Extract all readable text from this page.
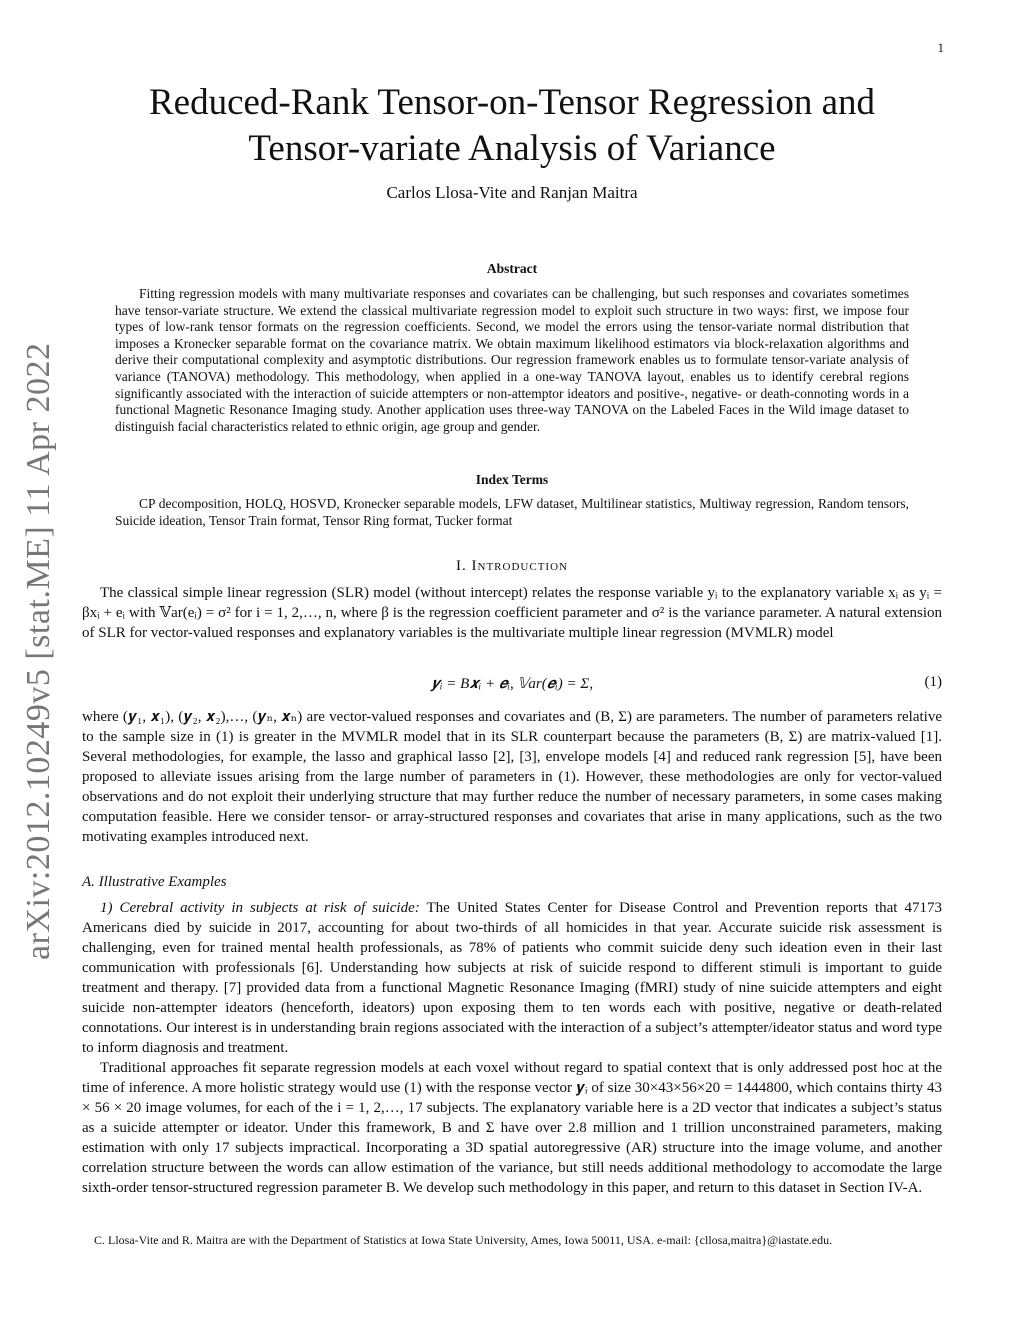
1
arXiv:2012.10249v5 [stat.ME] 11 Apr 2022
Reduced-Rank Tensor-on-Tensor Regression and
Tensor-variate Analysis of Variance
Carlos Llosa-Vite and Ranjan Maitra
Abstract
Fitting regression models with many multivariate responses and covariates can be challenging, but such responses and covariates sometimes have tensor-variate structure. We extend the classical multivariate regression model to exploit such structure in two ways: first, we impose four types of low-rank tensor formats on the regression coefficients. Second, we model the errors using the tensor-variate normal distribution that imposes a Kronecker separable format on the covariance matrix. We obtain maximum likelihood estimators via block-relaxation algorithms and derive their computational complexity and asymptotic distributions. Our regression framework enables us to formulate tensor-variate analysis of variance (TANOVA) methodology. This methodology, when applied in a one-way TANOVA layout, enables us to identify cerebral regions significantly associated with the interaction of suicide attempters or non-attemptor ideators and positive-, negative- or death-connoting words in a functional Magnetic Resonance Imaging study. Another application uses three-way TANOVA on the Labeled Faces in the Wild image dataset to distinguish facial characteristics related to ethnic origin, age group and gender.
Index Terms
CP decomposition, HOLQ, HOSVD, Kronecker separable models, LFW dataset, Multilinear statistics, Multiway regression, Random tensors, Suicide ideation, Tensor Train format, Tensor Ring format, Tucker format
I. Introduction
The classical simple linear regression (SLR) model (without intercept) relates the response variable yᵢ to the explanatory variable xᵢ as yᵢ = βxᵢ + eᵢ with 𝕍ar(eᵢ) = σ² for i = 1, 2,…, n, where β is the regression coefficient parameter and σ² is the variance parameter. A natural extension of SLR for vector-valued responses and explanatory variables is the multivariate multiple linear regression (MVMLR) model
𝒚ᵢ = B𝒙ᵢ + 𝒆ᵢ, 𝕍ar(𝒆ᵢ) = Σ,	(1)
where (𝒚₁, 𝒙₁), (𝒚₂, 𝒙₂),…, (𝒚ₙ, 𝒙ₙ) are vector-valued responses and covariates and (B, Σ) are parameters. The number of parameters relative to the sample size in (1) is greater in the MVMLR model that in its SLR counterpart because the parameters (B, Σ) are matrix-valued [1]. Several methodologies, for example, the lasso and graphical lasso [2], [3], envelope models [4] and reduced rank regression [5], have been proposed to alleviate issues arising from the large number of parameters in (1). However, these methodologies are only for vector-valued observations and do not exploit their underlying structure that may further reduce the number of necessary parameters, in some cases making computation feasible. Here we consider tensor- or array-structured responses and covariates that arise in many applications, such as the two motivating examples introduced next.
A. Illustrative Examples
1) Cerebral activity in subjects at risk of suicide: The United States Center for Disease Control and Prevention reports that 47173 Americans died by suicide in 2017, accounting for about two-thirds of all homicides in that year. Accurate suicide risk assessment is challenging, even for trained mental health professionals, as 78% of patients who commit suicide deny such ideation even in their last communication with professionals [6]. Understanding how subjects at risk of suicide respond to different stimuli is important to guide treatment and therapy. [7] provided data from a functional Magnetic Resonance Imaging (fMRI) study of nine suicide attempters and eight suicide non-attempter ideators (henceforth, ideators) upon exposing them to ten words each with positive, negative or death-related connotations. Our interest is in understanding brain regions associated with the interaction of a subject’s attempter/ideator status and word type to inform diagnosis and treatment.
Traditional approaches fit separate regression models at each voxel without regard to spatial context that is only addressed post hoc at the time of inference. A more holistic strategy would use (1) with the response vector 𝒚ᵢ of size 30×43×56×20 = 1444800, which contains thirty 43 × 56 × 20 image volumes, for each of the i = 1, 2,…, 17 subjects. The explanatory variable here is a 2D vector that indicates a subject’s status as a suicide attempter or ideator. Under this framework, B and Σ have over 2.8 million and 1 trillion unconstrained parameters, making estimation with only 17 subjects impractical. Incorporating a 3D spatial autoregressive (AR) structure into the image volume, and another correlation structure between the words can allow estimation of the variance, but still needs additional methodology to accomodate the large sixth-order tensor-structured regression parameter B. We develop such methodology in this paper, and return to this dataset in Section IV-A.
C. Llosa-Vite and R. Maitra are with the Department of Statistics at Iowa State University, Ames, Iowa 50011, USA. e-mail: {cllosa,maitra}@iastate.edu.
